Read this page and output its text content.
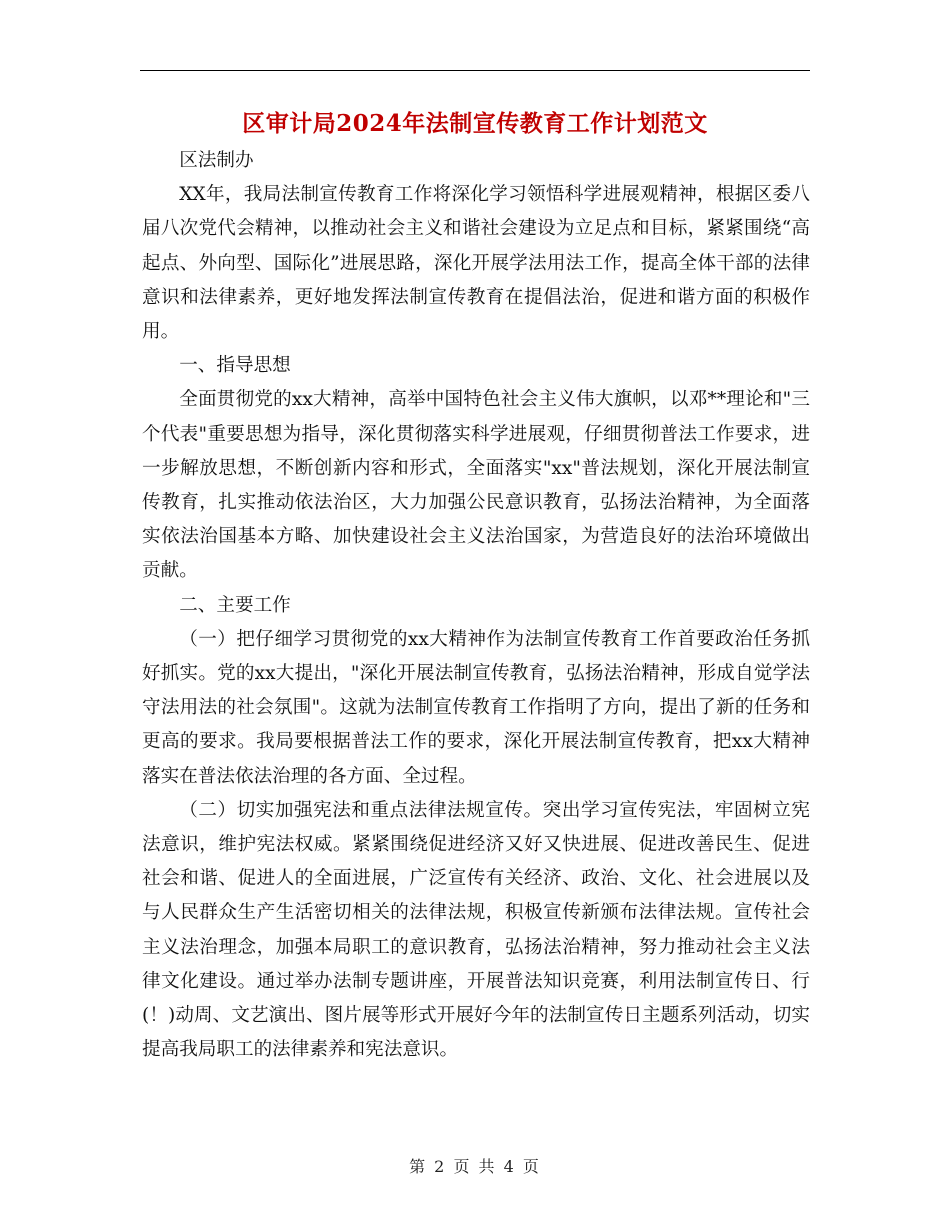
区审计局2024年法制宣传教育工作计划范文

区法制办

XX年，我局法制宣传教育工作将深化学习领悟科学进展观精神，根据区委八届八次党代会精神，以推动社会主义和谐社会建设为立足点和目标，紧紧围绕“高起点、外向型、国际化”进展思路，深化开展学法用法工作，提高全体干部的法律意识和法律素养，更好地发挥法制宣传教育在提倡法治，促进和谐方面的积极作用。

一、指导思想

全面贯彻党的xx大精神，高举中国特色社会主义伟大旗帜，以邓**理论和"三个代表"重要思想为指导，深化贯彻落实科学进展观，仔细贯彻普法工作要求，进一步解放思想，不断创新内容和形式，全面落实"xx"普法规划，深化开展法制宣传教育，扎实推动依法治区，大力加强公民意识教育，弘扬法治精神，为全面落实依法治国基本方略、加快建设社会主义法治国家，为营造良好的法治环境做出贡献。

二、主要工作

（一）把仔细学习贯彻党的xx大精神作为法制宣传教育工作首要政治任务抓好抓实。党的xx大提出，"深化开展法制宣传教育，弘扬法治精神，形成自觉学法守法用法的社会氛围"。这就为法制宣传教育工作指明了方向，提出了新的任务和更高的要求。我局要根据普法工作的要求，深化开展法制宣传教育，把xx大精神落实在普法依法治理的各方面、全过程。

（二）切实加强宪法和重点法律法规宣传。突出学习宣传宪法，牢固树立宪法意识，维护宪法权威。紧紧围绕促进经济又好又快进展、促进改善民生、促进社会和谐、促进人的全面进展，广泛宣传有关经济、政治、文化、社会进展以及与人民群众生产生活密切相关的法律法规，积极宣传新颁布法律法规。宣传社会主义法治理念，加强本局职工的意识教育，弘扬法治精神，努力推动社会主义法律文化建设。通过举办法制专题讲座，开展普法知识竞赛，利用法制宣传日、行(！)动周、文艺演出、图片展等形式开展好今年的法制宣传日主题系列活动，切实提高我局职工的法律素养和宪法意识。

第 2 页 共 4 页
